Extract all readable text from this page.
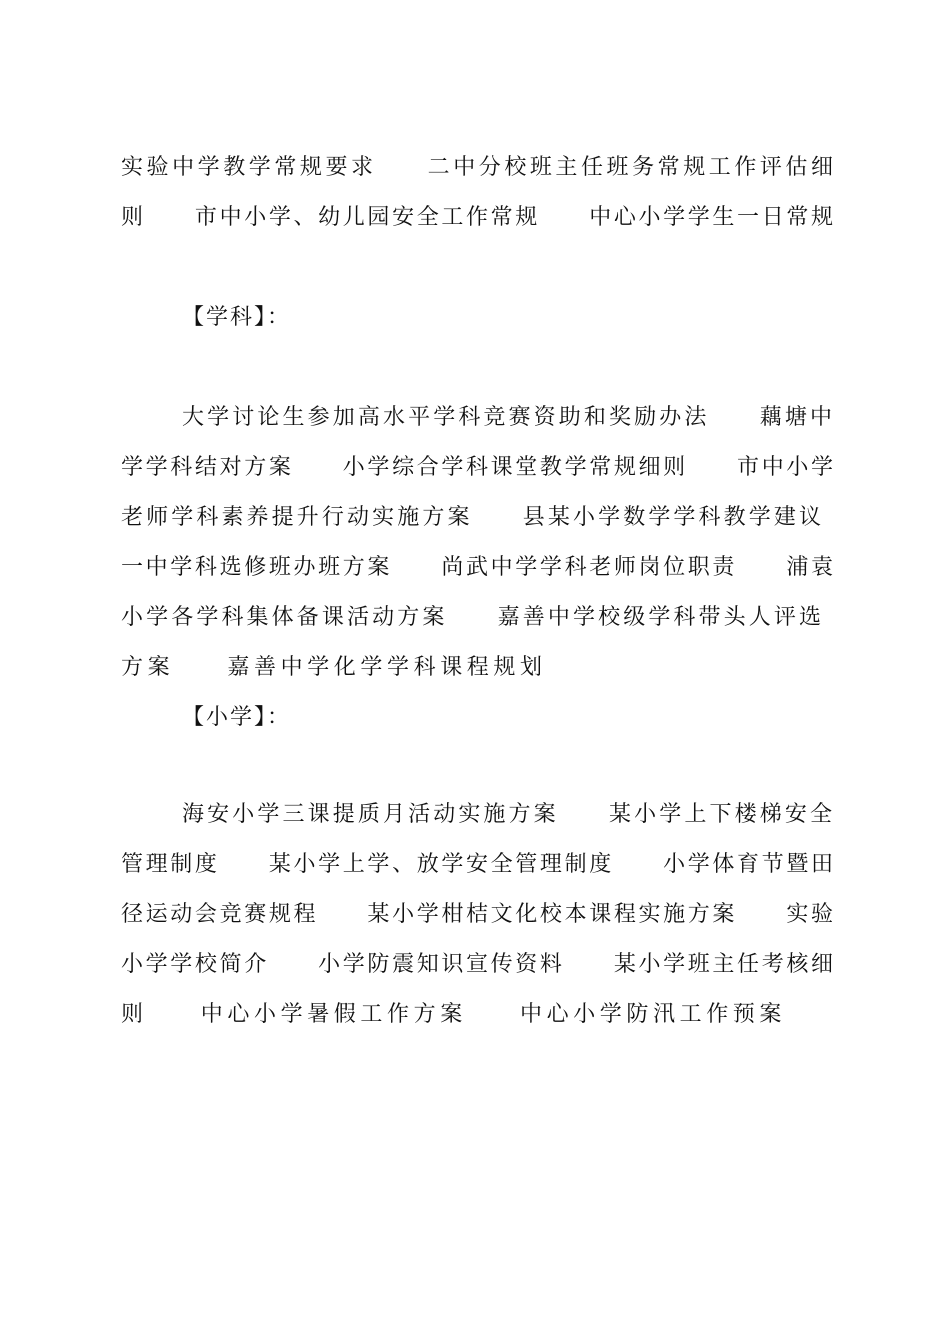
实验中学教学常规要求　　二中分校班主任班务常规工作评估细
则　　市中小学、幼儿园安全工作常规　　中心小学学生一日常规
【学科】：
大学讨论生参加高水平学科竞赛资助和奖励办法　　藕塘中
学学科结对方案　　小学综合学科课堂教学常规细则　　市中小学
老师学科素养提升行动实施方案　　县某小学数学学科教学建议
一中学科选修班办班方案　　尚武中学学科老师岗位职责　　浦袁
小学各学科集体备课活动方案　　嘉善中学校级学科带头人评选
方案　　嘉善中学化学学科课程规划
【小学】：
海安小学三课提质月活动实施方案　　某小学上下楼梯安全
管理制度　　某小学上学、放学安全管理制度　　小学体育节暨田
径运动会竞赛规程　　某小学柑桔文化校本课程实施方案　　实验
小学学校简介　　小学防震知识宣传资料　　某小学班主任考核细
则　　中心小学暑假工作方案　　中心小学防汛工作预案
